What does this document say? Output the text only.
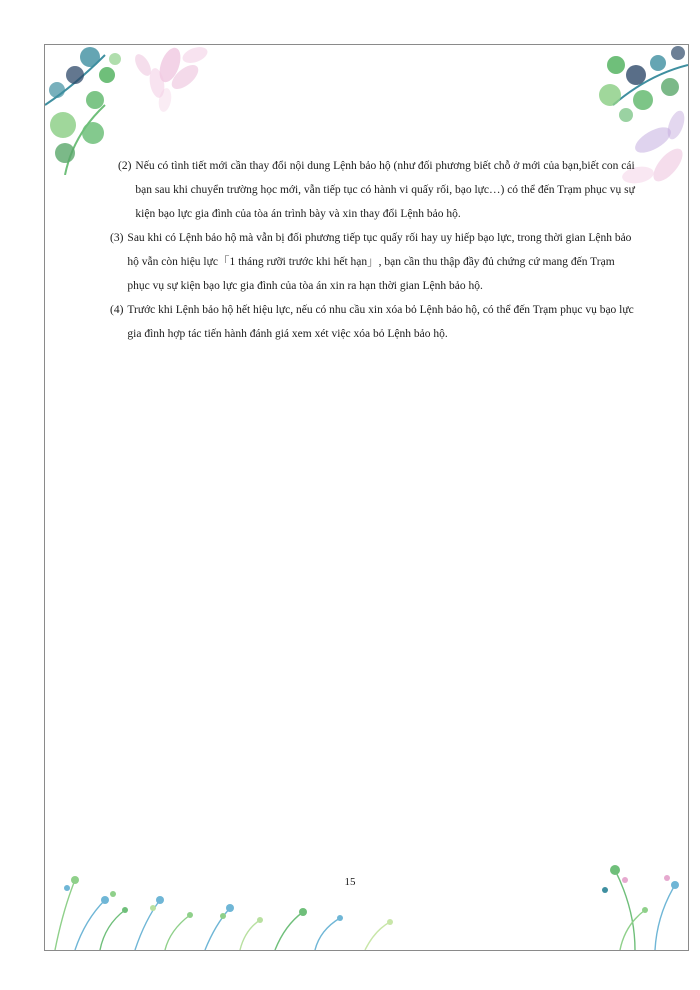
(2) Nếu có tình tiết mới cần thay đổi nội dung Lệnh bảo hộ (như đối phương biết chỗ ở mới của bạn,biết con cái bạn sau khi chuyển trường học mới, vẫn tiếp tục có hành vi quấy rối, bạo lực…) có thể đến Trạm phục vụ sự kiện bạo lực gia đình của tòa án trình bày và xin thay đổi Lệnh bảo hộ.
(3) Sau khi có Lệnh bảo hộ mà vẫn bị đối phương tiếp tục quấy rối hay uy hiếp bạo lực, trong thời gian Lệnh bảo hộ vẫn còn hiệu lực「1 tháng rưỡi trước khi hết hạn」, bạn cần thu thập đầy đủ chứng cứ mang đến Trạm phục vụ sự kiện bạo lực gia đình của tòa án xin ra hạn thời gian Lệnh bảo hộ.
(4) Trước khi Lệnh bảo hộ hết hiệu lực, nếu có nhu cầu xin xóa bỏ Lệnh bảo hộ, có thể đến Trạm phục vụ bạo lực gia đình hợp tác tiến hành đánh giá xem xét việc xóa bỏ Lệnh bảo hộ.
15
